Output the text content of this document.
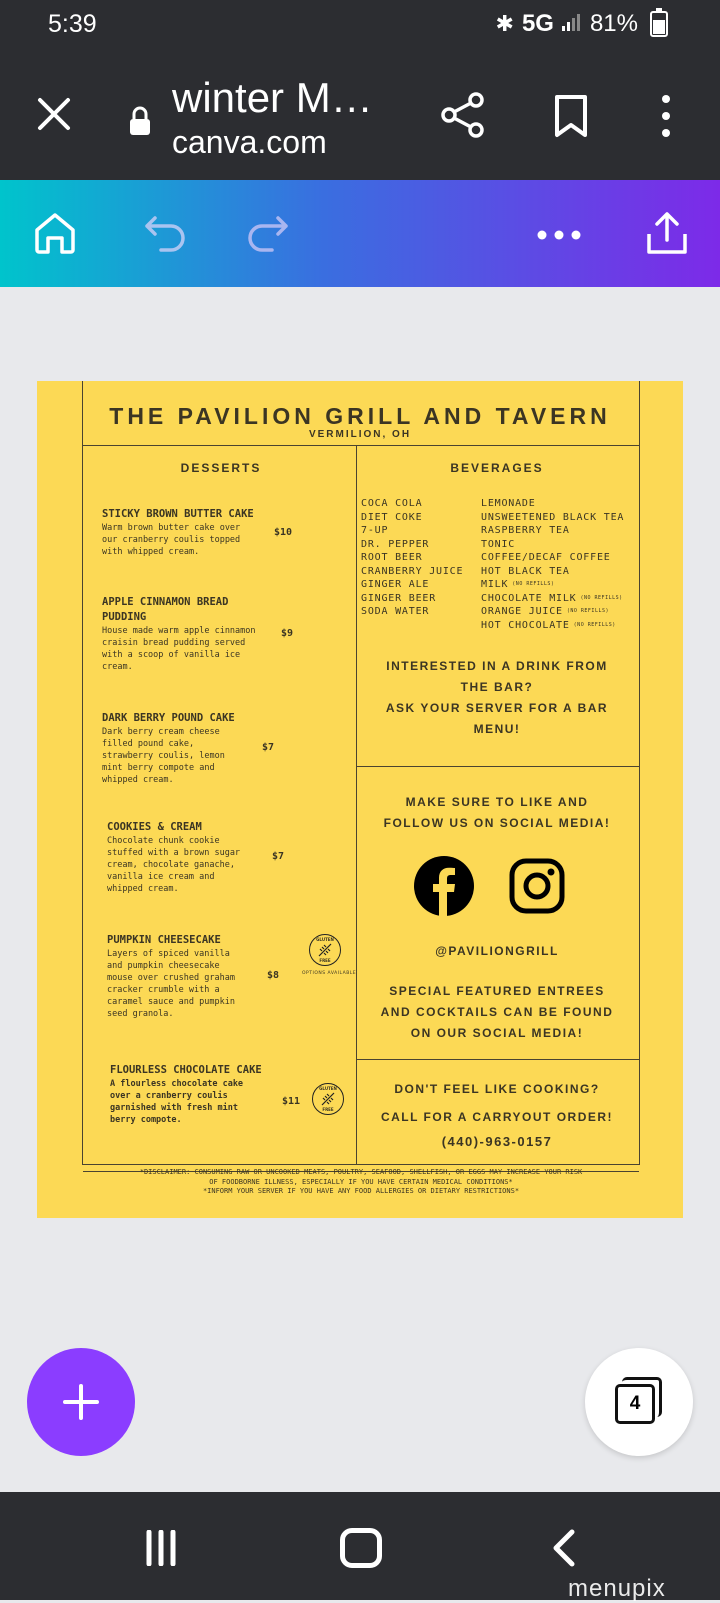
5:39	✱ 5G 81%
winter M…
canva.com
THE PAVILION GRILL AND TAVERN
VERMILION, OH
DESSERTS	BEVERAGES
STICKY BROWN BUTTER CAKE
Warm brown butter cake over
our cranberry coulis topped
with whipped cream.
$10
APPLE CINNAMON BREAD PUDDING
House made warm apple cinnamon
craisin bread pudding served
with a scoop of vanilla ice
cream.
$9
DARK BERRY POUND CAKE
Dark berry cream cheese
filled pound cake,
strawberry coulis, lemon
mint berry compote and
whipped cream.
$7
COOKIES & CREAM
Chocolate chunk cookie
stuffed with a brown sugar
cream, chocolate ganache,
vanilla ice cream and
whipped cream.
$7
PUMPKIN CHEESECAKE
Layers of spiced vanilla
and pumpkin cheesecake
mouse over crushed graham
cracker crumble with a
caramel sauce and pumpkin
seed granola.
$8
GLUTEN
FREE
OPTIONS AVAILABLE
FLOURLESS CHOCOLATE CAKE
A flourless chocolate cake
over a cranberry coulis
garnished with fresh mint
berry compote.
$11
GLUTEN
FREE
COCA COLA
DIET COKE
7-UP
DR. PEPPER
ROOT BEER
CRANBERRY JUICE
GINGER ALE
GINGER BEER
SODA WATER
LEMONADE
UNSWEETENED BLACK TEA
RASPBERRY TEA
TONIC
COFFEE/DECAF COFFEE
HOT BLACK TEA
MILK $^{(NO REFILLS)}$
CHOCOLATE MILK $^{(NO REFILLS)}$
ORANGE JUICE $^{(NO REFILLS)}$
HOT CHOCOLATE $^{(NO REFILLS)}$
INTERESTED IN A DRINK FROM
THE BAR?
ASK YOUR SERVER FOR A BAR
MENU!
MAKE SURE TO LIKE AND
FOLLOW US ON SOCIAL MEDIA!
@PAVILIONGRILL
SPECIAL FEATURED ENTREES
AND COCKTAILS CAN BE FOUND
ON OUR SOCIAL MEDIA!
DON'T FEEL LIKE COOKING?
CALL FOR A CARRYOUT ORDER!
(440)-963-0157
*DISCLAIMER: CONSUMING RAW OR UNCOOKED MEATS, POULTRY, SEAFOOD, SHELLFISH, OR EGGS MAY INCREASE YOUR RISK
OF FOODBORNE ILLNESS, ESPECIALLY IF YOU HAVE CERTAIN MEDICAL CONDITIONS*
*INFORM YOUR SERVER IF YOU HAVE ANY FOOD ALLERGIES OR DIETARY RESTRICTIONS*
4
menupix
